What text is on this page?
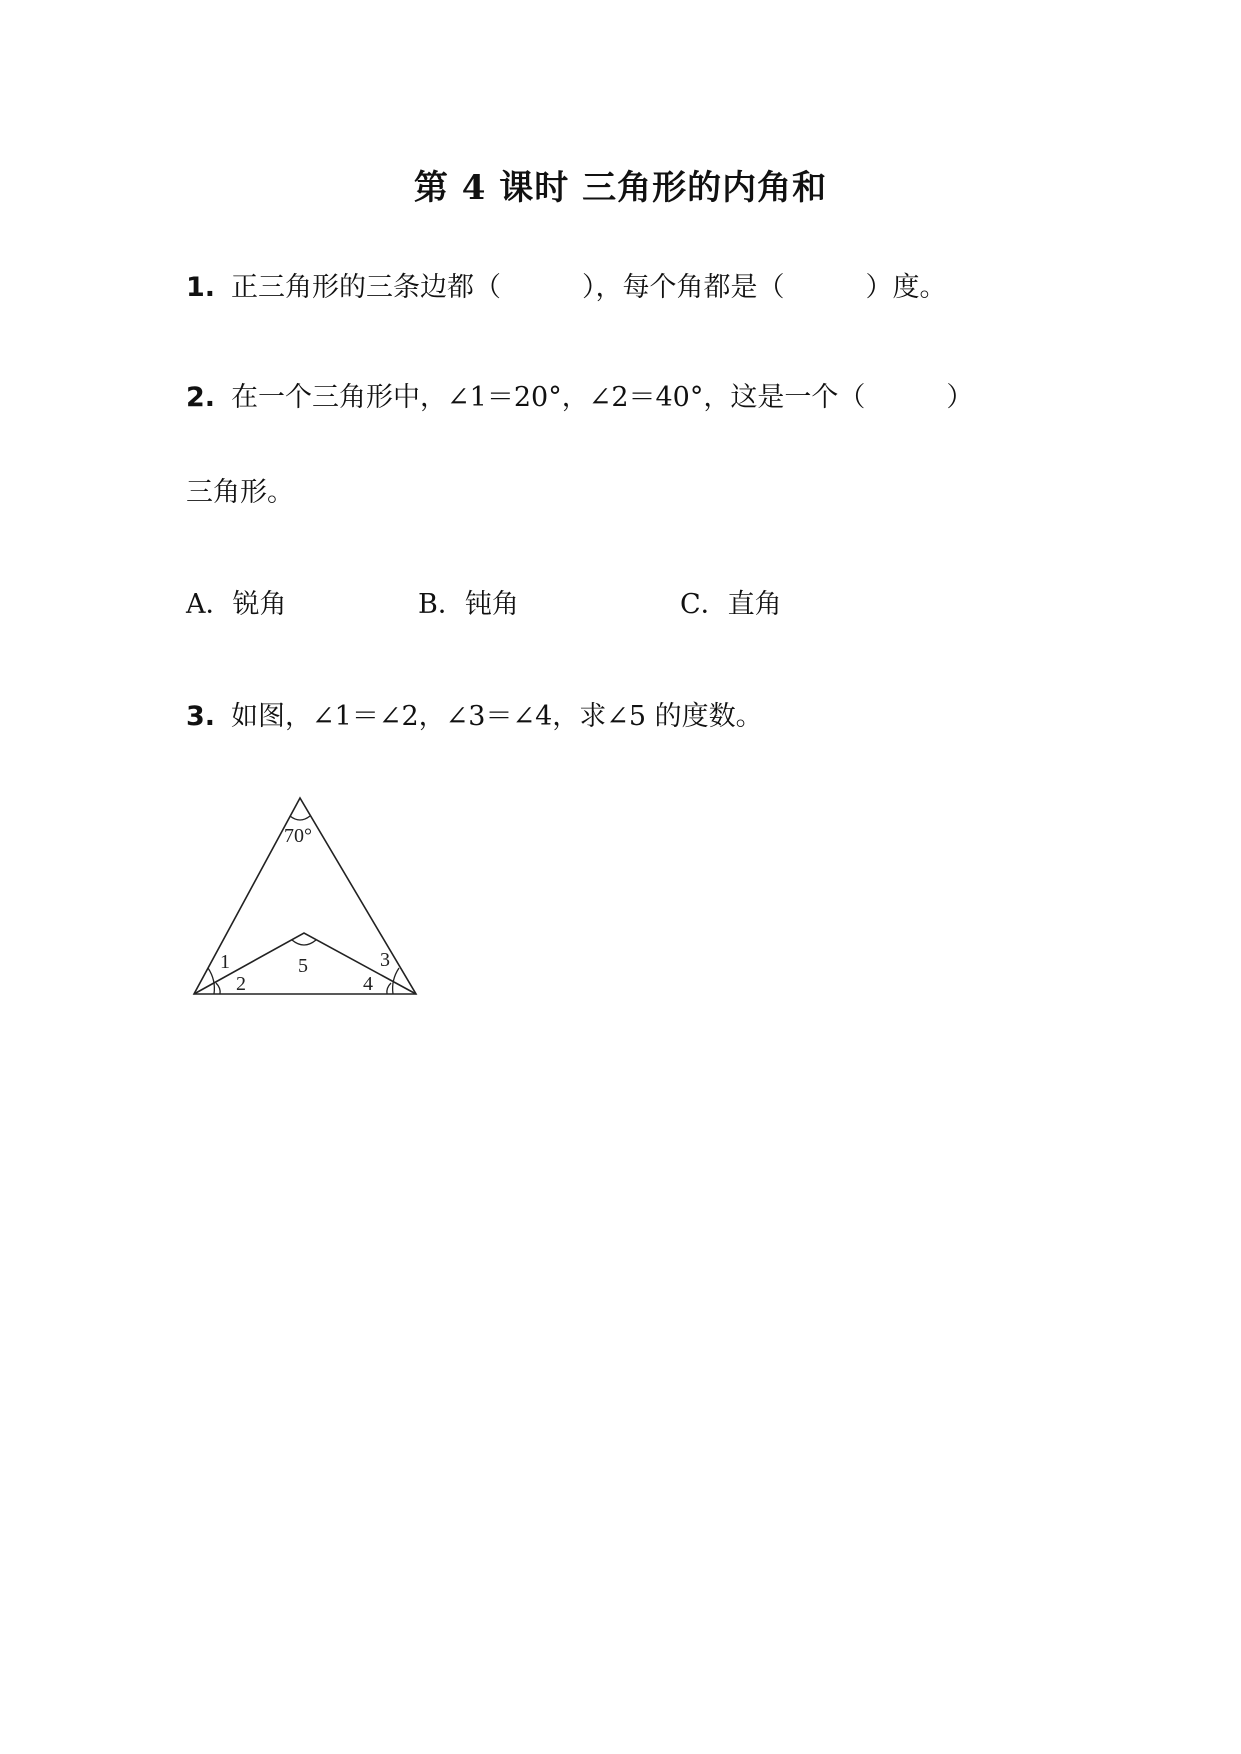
第 4 课时 三角形的内角和
1. 正三角形的三条边都（　　　），每个角都是（　　　）度。
2. 在一个三角形中，∠1＝20°，∠2＝40°，这是一个（　　　）
三角形。
A．锐角	B．钝角	C．直角
3. 如图，∠1＝∠2，∠3＝∠4，求∠5 的度数。
70°
1
2
3
4
5
